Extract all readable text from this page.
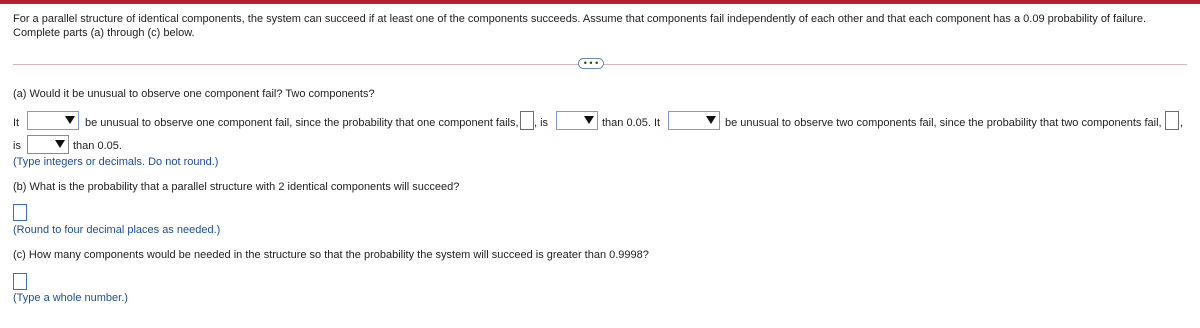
For a parallel structure of identical components, the system can succeed if at least one of the components succeeds. Assume that components fail independently of each other and that each component has a 0.09 probability of failure. Complete parts (a) through (c) below.
• • •
(a) Would it be unusual to observe one component fail? Two components?
It	be unusual to observe one component fail, since the probability that one component fails, , is	than 0.05. It	be unusual to observe two components fail, since the probability that two components fail, ,
is	than 0.05.
(Type integers or decimals. Do not round.)
(b) What is the probability that a parallel structure with 2 identical components will succeed?
(Round to four decimal places as needed.)
(c) How many components would be needed in the structure so that the probability the system will succeed is greater than 0.9998?
(Type a whole number.)
